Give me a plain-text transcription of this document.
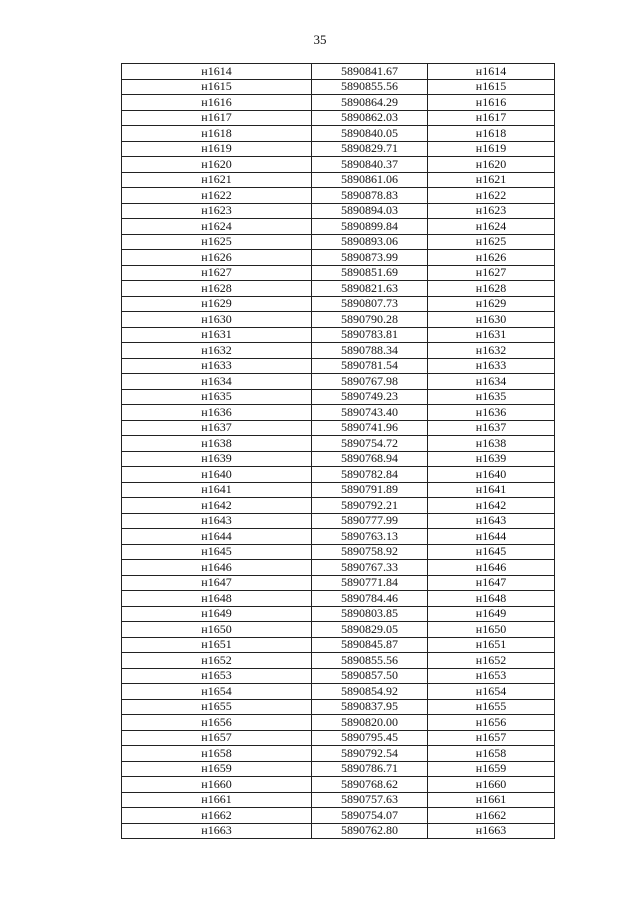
35
н1614	5890841.67	н1614
н1615	5890855.56	н1615
н1616	5890864.29	н1616
н1617	5890862.03	н1617
н1618	5890840.05	н1618
н1619	5890829.71	н1619
н1620	5890840.37	н1620
н1621	5890861.06	н1621
н1622	5890878.83	н1622
н1623	5890894.03	н1623
н1624	5890899.84	н1624
н1625	5890893.06	н1625
н1626	5890873.99	н1626
н1627	5890851.69	н1627
н1628	5890821.63	н1628
н1629	5890807.73	н1629
н1630	5890790.28	н1630
н1631	5890783.81	н1631
н1632	5890788.34	н1632
н1633	5890781.54	н1633
н1634	5890767.98	н1634
н1635	5890749.23	н1635
н1636	5890743.40	н1636
н1637	5890741.96	н1637
н1638	5890754.72	н1638
н1639	5890768.94	н1639
н1640	5890782.84	н1640
н1641	5890791.89	н1641
н1642	5890792.21	н1642
н1643	5890777.99	н1643
н1644	5890763.13	н1644
н1645	5890758.92	н1645
н1646	5890767.33	н1646
н1647	5890771.84	н1647
н1648	5890784.46	н1648
н1649	5890803.85	н1649
н1650	5890829.05	н1650
н1651	5890845.87	н1651
н1652	5890855.56	н1652
н1653	5890857.50	н1653
н1654	5890854.92	н1654
н1655	5890837.95	н1655
н1656	5890820.00	н1656
н1657	5890795.45	н1657
н1658	5890792.54	н1658
н1659	5890786.71	н1659
н1660	5890768.62	н1660
н1661	5890757.63	н1661
н1662	5890754.07	н1662
н1663	5890762.80	н1663
